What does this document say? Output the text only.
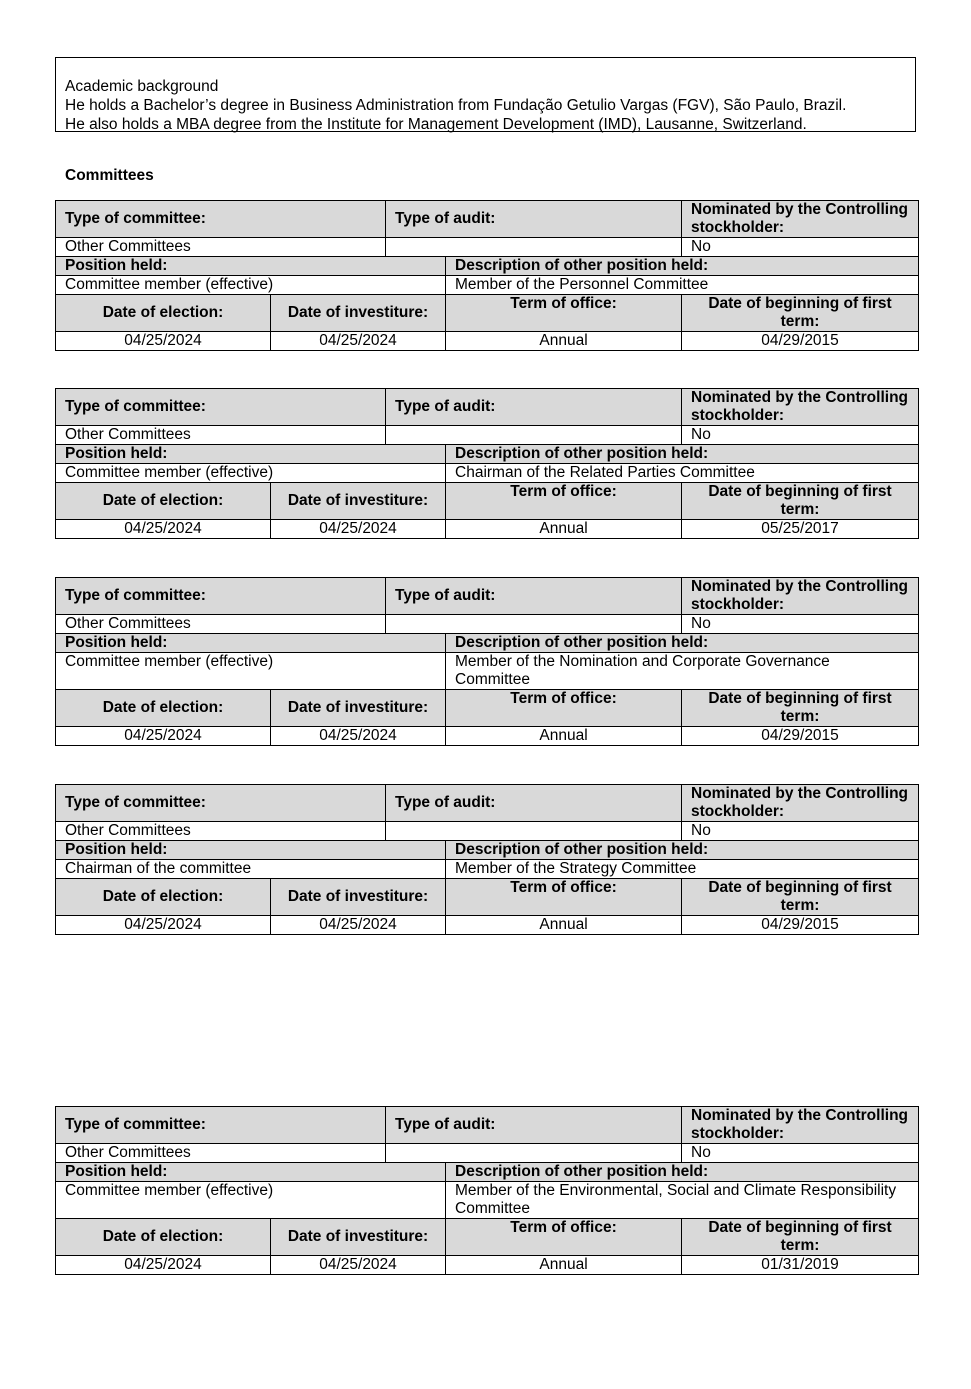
Academic background
He holds a Bachelor’s degree in Business Administration from Fundação Getulio Vargas (FGV), São Paulo, Brazil.
He also holds a MBA degree from the Institute for Management Development (IMD), Lausanne, Switzerland.
Committees
Type of committee:		Type of audit:		Nominated by the Controlling stockholder:
Other Committees				No
Position held:			Description of other position held:	
Committee member (effective)			Member of the Personnel Committee	
Date of election:	Date of investiture:		Term of office:	Date of beginning of first term:
04/25/2024	04/25/2024		Annual	04/29/2015
Type of committee:		Type of audit:		Nominated by the Controlling stockholder:
Other Committees				No
Position held:			Description of other position held:	
Committee member (effective)			Chairman of the Related Parties Committee	
Date of election:	Date of investiture:		Term of office:	Date of beginning of first term:
04/25/2024	04/25/2024		Annual	05/25/2017
Type of committee:		Type of audit:		Nominated by the Controlling stockholder:
Other Committees				No
Position held:			Description of other position held:	
Committee member (effective)			Member of the Nomination and Corporate Governance Committee	
Date of election:	Date of investiture:		Term of office:	Date of beginning of first term:
04/25/2024	04/25/2024		Annual	04/29/2015
Type of committee:		Type of audit:		Nominated by the Controlling stockholder:
Other Committees				No
Position held:			Description of other position held:	
Chairman of the committee			Member of the Strategy Committee	
Date of election:	Date of investiture:		Term of office:	Date of beginning of first term:
04/25/2024	04/25/2024		Annual	04/29/2015
Type of committee:		Type of audit:		Nominated by the Controlling stockholder:
Other Committees				No
Position held:			Description of other position held:	
Committee member (effective)			Member of the Environmental, Social and Climate Responsibility Committee	
Date of election:	Date of investiture:		Term of office:	Date of beginning of first term:
04/25/2024	04/25/2024		Annual	01/31/2019
